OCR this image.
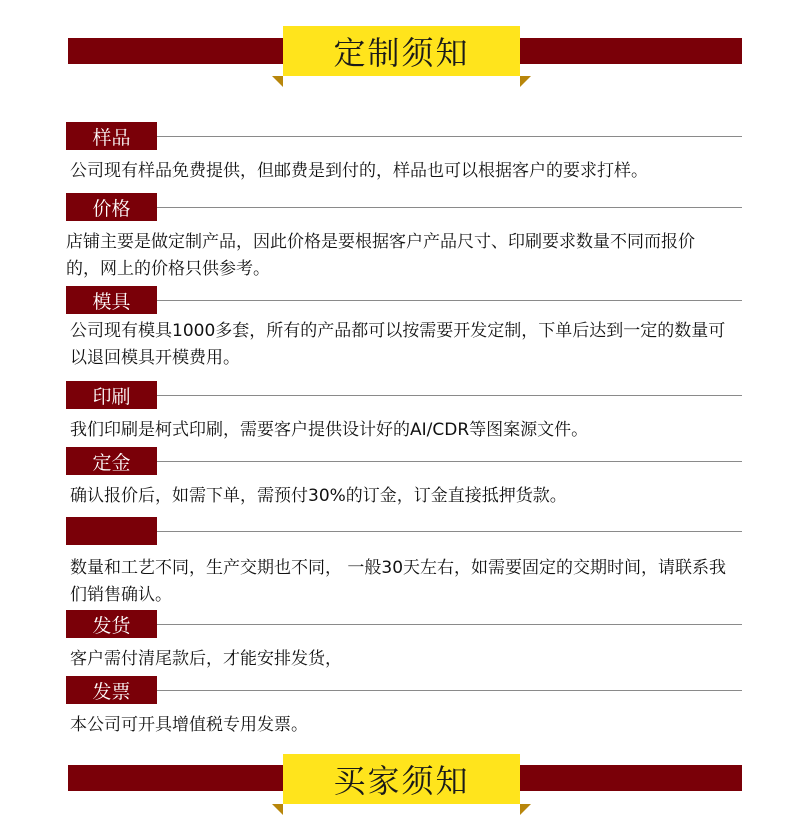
定制须知
样品
公司现有样品免费提供，但邮费是到付的，样品也可以根据客户的要求打样。
价格
店铺主要是做定制产品，因此价格是要根据客户产品尺寸、印刷要求数量不同而报价的，网上的价格只供参考。
模具
公司现有模具1000多套，所有的产品都可以按需要开发定制，下单后达到一定的数量可以退回模具开模费用。
印刷
我们印刷是柯式印刷，需要客户提供设计好的AI/CDR等图案源文件。
定金
确认报价后，如需下单，需预付30%的订金，订金直接抵押货款。
数量和工艺不同，生产交期也不同， 一般30天左右，如需要固定的交期时间，请联系我们销售确认。
发货
客户需付清尾款后，才能安排发货，
发票
本公司可开具增值税专用发票。
买家须知
